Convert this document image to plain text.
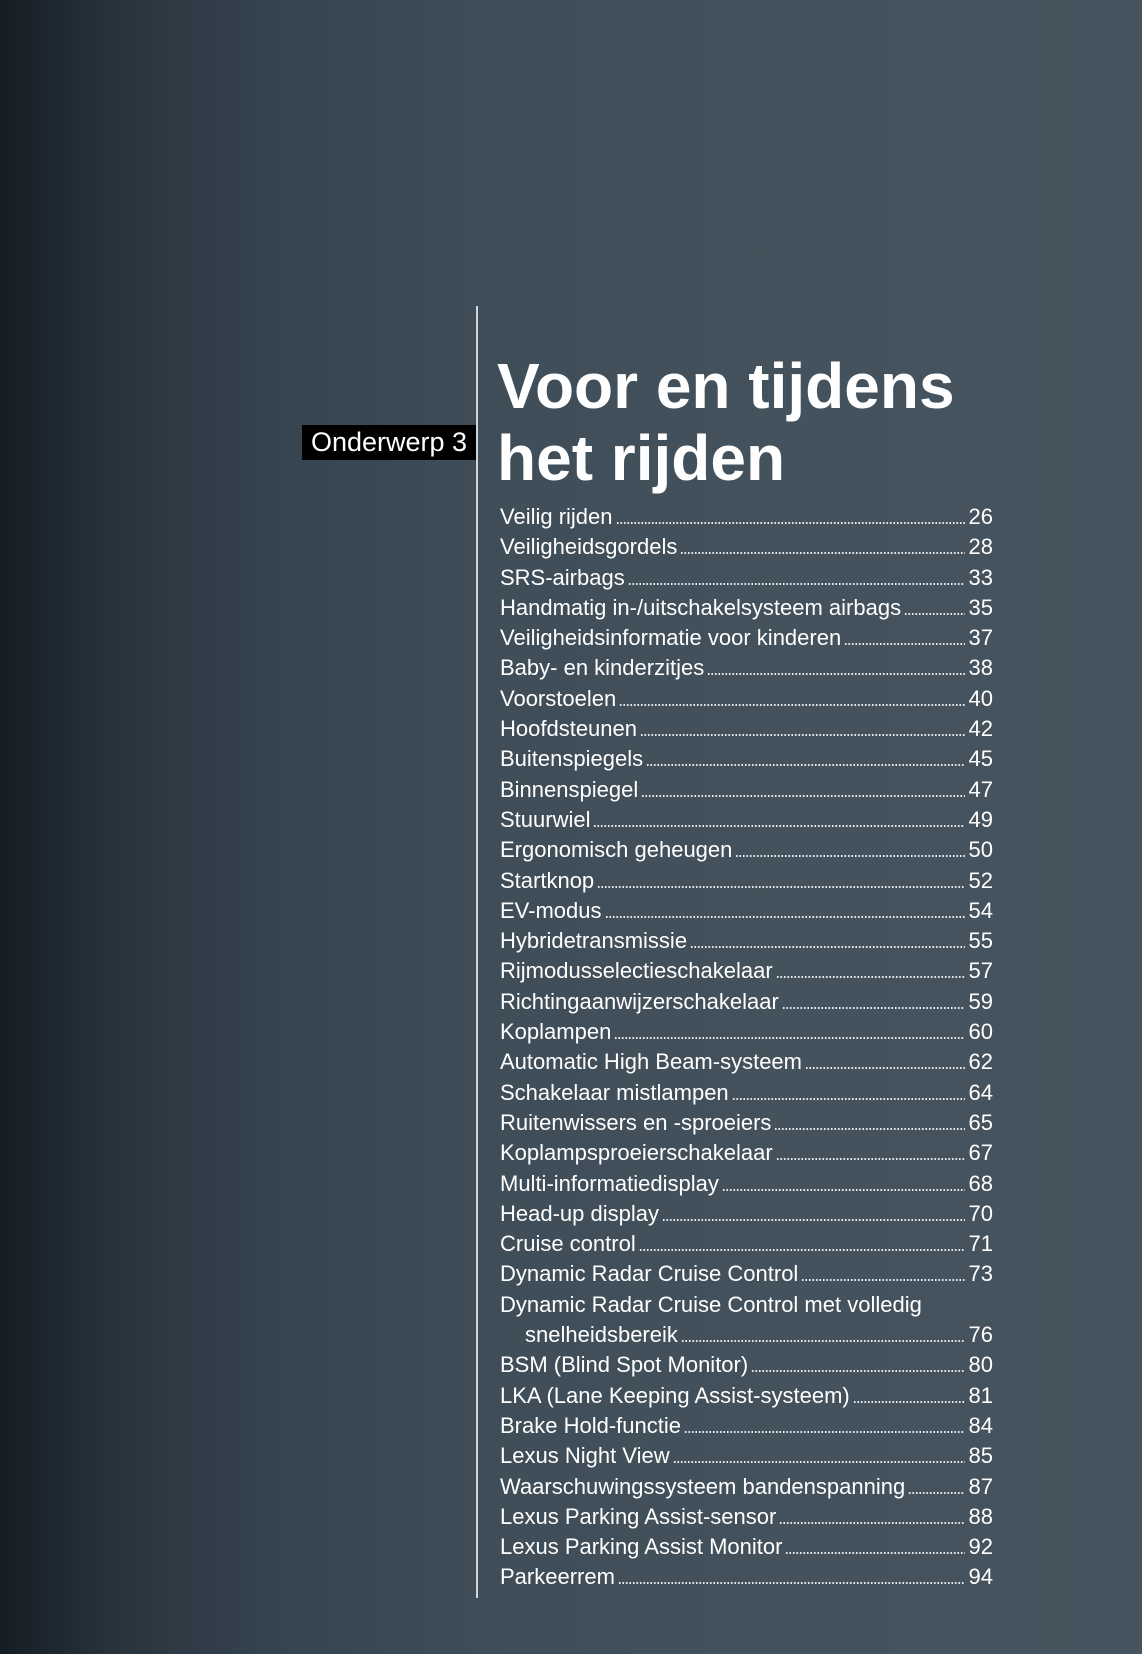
Onderwerp 3
Voor en tijdens
het rijden
Veilig rijden	26
Veiligheidsgordels	28
SRS-airbags	33
Handmatig in-/uitschakelsysteem airbags	35
Veiligheidsinformatie voor kinderen	37
Baby- en kinderzitjes	38
Voorstoelen	40
Hoofdsteunen	42
Buitenspiegels	45
Binnenspiegel	47
Stuurwiel	49
Ergonomisch geheugen	50
Startknop	52
EV-modus	54
Hybridetransmissie	55
Rijmodusselectieschakelaar	57
Richtingaanwijzerschakelaar	59
Koplampen	60
Automatic High Beam-systeem	62
Schakelaar mistlampen	64
Ruitenwissers en -sproeiers	65
Koplampsproeierschakelaar	67
Multi-informatiedisplay	68
Head-up display	70
Cruise control	71
Dynamic Radar Cruise Control	73
Dynamic Radar Cruise Control met volledig
snelheidsbereik	76
BSM (Blind Spot Monitor)	80
LKA (Lane Keeping Assist-systeem)	81
Brake Hold-functie	84
Lexus Night View	85
Waarschuwingssysteem bandenspanning	87
Lexus Parking Assist-sensor	88
Lexus Parking Assist Monitor	92
Parkeerrem	94
